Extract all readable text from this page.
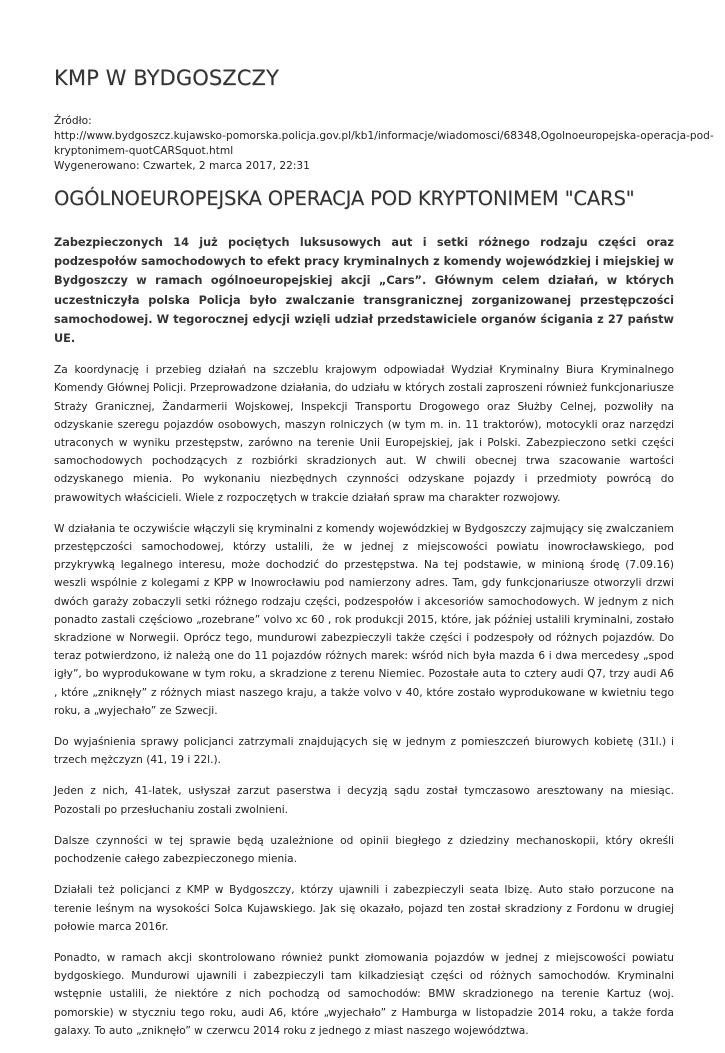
KMP W BYDGOSZCZY
Źródło:
http://www.bydgoszcz.kujawsko-pomorska.policja.gov.pl/kb1/informacje/wiadomosci/68348,Ogolnoeuropejska-operacja-pod-
kryptonimem-quotCARSquot.html
Wygenerowano: Czwartek, 2 marca 2017, 22:31
OGÓLNOEUROPEJSKA OPERACJA POD KRYPTONIMEM "CARS"

Zabezpieczonych 14 już pociętych luksusowych aut i setki różnego rodzaju części oraz podzespołów samochodowych to efekt pracy kryminalnych z komendy wojewódzkiej i miejskiej w Bydgoszczy w ramach ogólnoeuropejskiej akcji „Cars”. Głównym celem działań, w których uczestniczyła polska Policja było zwalczanie transgranicznej zorganizowanej przestępczości samochodowej. W tegorocznej edycji wzięli udział przedstawiciele organów ścigania z 27 państw UE.

Za koordynację i przebieg działań na szczeblu krajowym odpowiadał Wydział Kryminalny Biura Kryminalnego Komendy Głównej Policji. Przeprowadzone działania, do udziału w których zostali zaproszeni również funkcjonariusze Straży Granicznej, Żandarmerii Wojskowej, Inspekcji Transportu Drogowego oraz Służby Celnej, pozwoliły na odzyskanie szeregu pojazdów osobowych, maszyn rolniczych (w tym m. in. 11 traktorów), motocykli oraz narzędzi utraconych w wyniku przestępstw, zarówno na terenie Unii Europejskiej, jak i Polski. Zabezpieczono setki części samochodowych pochodzących z rozbiórki skradzionych aut. W chwili obecnej trwa szacowanie wartości odzyskanego mienia. Po wykonaniu niezbędnych czynności odzyskane pojazdy i przedmioty powrócą do prawowitych właścicieli. Wiele z rozpoczętych w trakcie działań spraw ma charakter rozwojowy.

W działania te oczywiście włączyli się kryminalni z komendy wojewódzkiej w Bydgoszczy zajmujący się zwalczaniem przestępczości samochodowej, którzy ustalili, że w jednej z miejscowości powiatu inowrocławskiego, pod przykrywką legalnego interesu, może dochodzić do przestępstwa. Na tej podstawie, w minioną środę (7.09.16) weszli wspólnie z kolegami z KPP w Inowrocławiu pod namierzony adres. Tam, gdy funkcjonariusze otworzyli drzwi dwóch garaży zobaczyli setki różnego rodzaju części, podzespołów i akcesoriów samochodowych. W jednym z nich ponadto zastali częściowo „rozebrane” volvo xc 60 , rok produkcji 2015, które, jak później ustalili kryminalni, zostało skradzione w Norwegii. Oprócz tego, mundurowi zabezpieczyli także części i podzespoły od różnych pojazdów. Do teraz potwierdzono, iż należą one do 11 pojazdów różnych marek: wśród nich była mazda 6 i dwa mercedesy „spod igły”, bo wyprodukowane w tym roku, a skradzione z terenu Niemiec. Pozostałe auta to cztery audi Q7, trzy audi A6 , które „zniknęły” z różnych miast naszego kraju, a także volvo v 40, które zostało wyprodukowane w kwietniu tego roku, a „wyjechało” ze Szwecji.

Do wyjaśnienia sprawy policjanci zatrzymali znajdujących się w jednym z pomieszczeń biurowych kobietę (31l.) i trzech mężczyzn (41, 19 i 22l.).

Jeden z nich, 41-latek, usłyszał zarzut paserstwa i decyzją sądu został tymczasowo aresztowany na miesiąc. Pozostali po przesłuchaniu zostali zwolnieni.

Dalsze czynności w tej sprawie będą uzależnione od opinii biegłego z dziedziny mechanoskopii, który określi pochodzenie całego zabezpieczonego mienia.

Działali też policjanci z KMP w Bydgoszczy, którzy ujawnili i zabezpieczyli seata Ibizę. Auto stało porzucone na terenie leśnym na wysokości Solca Kujawskiego. Jak się okazało, pojazd ten został skradziony z Fordonu w drugiej połowie marca 2016r.

Ponadto, w ramach akcji skontrolowano również punkt złomowania pojazdów w jednej z miejscowości powiatu bydgoskiego. Mundurowi ujawnili i zabezpieczyli tam kilkadziesiąt części od różnych samochodów. Kryminalni wstępnie ustalili, że niektóre z nich pochodzą od samochodów: BMW skradzionego na terenie Kartuz (woj. pomorskie) w styczniu tego roku, audi A6, które „wyjechało” z Hamburga w listopadzie 2014 roku, a także forda galaxy. To auto „zniknęło” w czerwcu 2014 roku z jednego z miast naszego województwa.
